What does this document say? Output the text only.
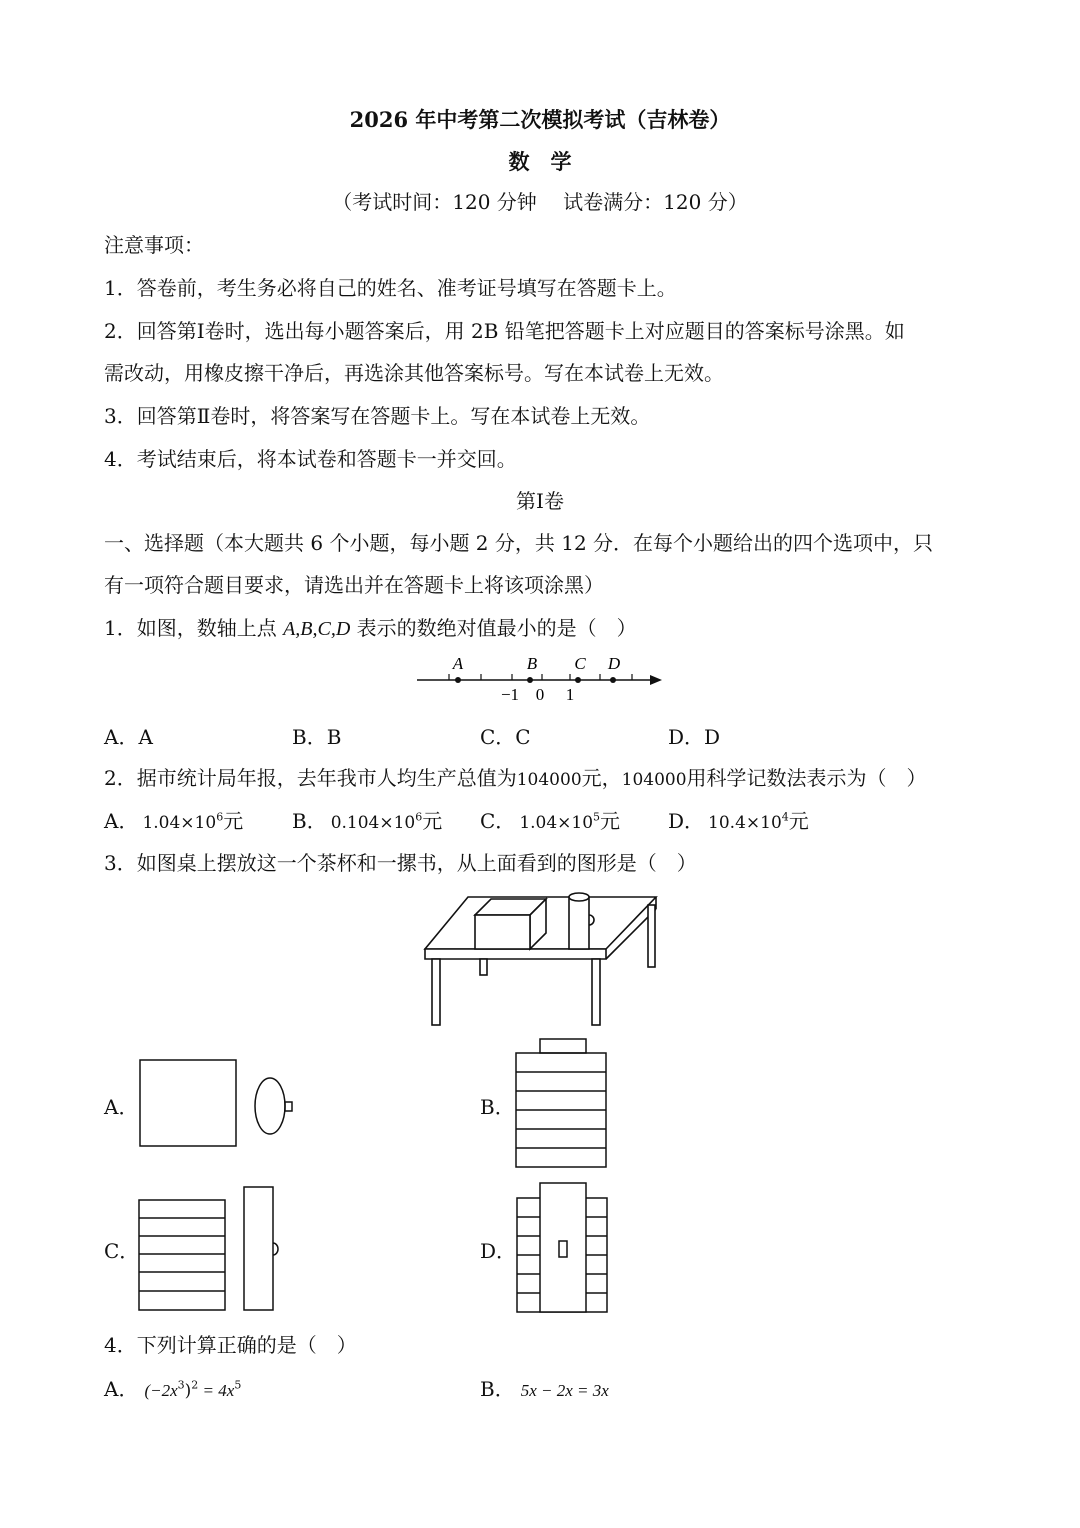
2026 年中考第二次模拟考试（吉林卷）
数　学
（考试时间：120 分钟　 试卷满分：120 分）
注意事项：
1．答卷前，考生务必将自己的姓名、准考证号填写在答题卡上。
2．回答第Ⅰ卷时，选出每小题答案后，用 2B 铅笔把答题卡上对应题目的答案标号涂黑。如
需改动，用橡皮擦干净后，再选涂其他答案标号。写在本试卷上无效。
3．回答第Ⅱ卷时，将答案写在答题卡上。写在本试卷上无效。
4．考试结束后，将本试卷和答题卡一并交回。
第Ⅰ卷
一、选择题（本大题共 6 个小题，每小题 2 分，共 12 分．在每个小题给出的四个选项中，只
有一项符合题目要求，请选出并在答题卡上将该项涂黑）
1．如图，数轴上点 A,B,C,D 表示的数绝对值最小的是（　）
A	B C D
−1 0 1
A．A	B．B	C．C	D．D
2．据市统计局年报，去年我市人均生产总值为104000元，104000用科学记数法表示为（　）
A． $1.04\times 10^6$元 B． $0.104\times 10^6$元 C． $1.04\times 10^5$元 D． $10.4\times 10^4$元
3．如图桌上摆放这一个茶杯和一摞书，从上面看到的图形是（　）
A．	B．
C．	D．
4．下列计算正确的是（　）
A． $(-2x^3)^2 = 4x^5$	B． 5x − 2x = 3x
